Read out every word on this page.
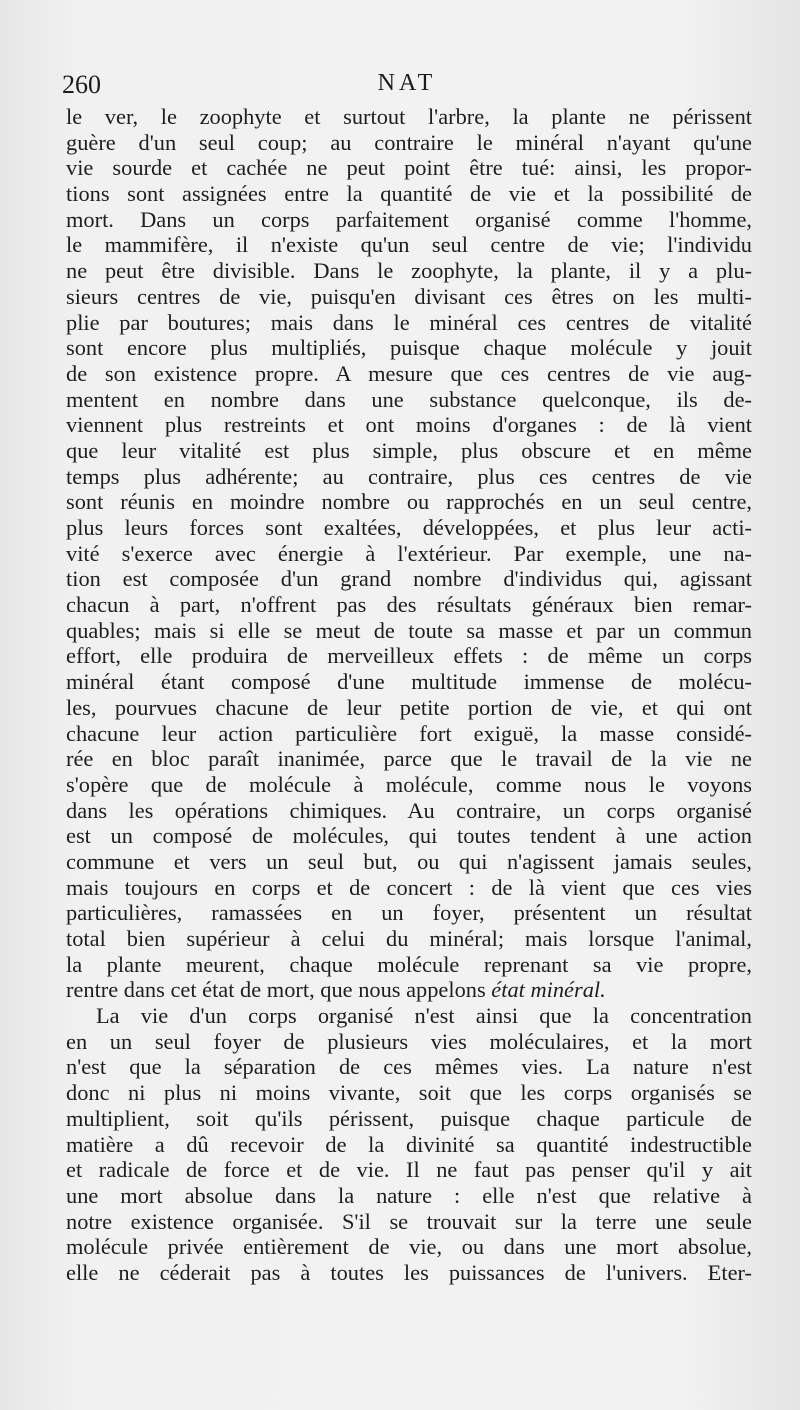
260	NAT
le ver, le zoophyte et surtout l'arbre, la plante ne périssent
guère d'un seul coup; au contraire le minéral n'ayant qu'une
vie sourde et cachée ne peut point être tué: ainsi, les propor-
tions sont assignées entre la quantité de vie et la possibilité de
mort. Dans un corps parfaitement organisé comme l'homme,
le mammifère, il n'existe qu'un seul centre de vie; l'individu
ne peut être divisible. Dans le zoophyte, la plante, il y a plu-
sieurs centres de vie, puisqu'en divisant ces êtres on les multi-
plie par boutures; mais dans le minéral ces centres de vitalité
sont encore plus multipliés, puisque chaque molécule y jouit
de son existence propre. A mesure que ces centres de vie aug-
mentent en nombre dans une substance quelconque, ils de-
viennent plus restreints et ont moins d'organes : de là vient
que leur vitalité est plus simple, plus obscure et en même
temps plus adhérente; au contraire, plus ces centres de vie
sont réunis en moindre nombre ou rapprochés en un seul centre,
plus leurs forces sont exaltées, développées, et plus leur acti-
vité s'exerce avec énergie à l'extérieur. Par exemple, une na-
tion est composée d'un grand nombre d'individus qui, agissant
chacun à part, n'offrent pas des résultats généraux bien remar-
quables; mais si elle se meut de toute sa masse et par un commun
effort, elle produira de merveilleux effets : de même un corps
minéral étant composé d'une multitude immense de molécu-
les, pourvues chacune de leur petite portion de vie, et qui ont
chacune leur action particulière fort exiguë, la masse considé-
rée en bloc paraît inanimée, parce que le travail de la vie ne
s'opère que de molécule à molécule, comme nous le voyons
dans les opérations chimiques. Au contraire, un corps organisé
est un composé de molécules, qui toutes tendent à une action
commune et vers un seul but, ou qui n'agissent jamais seules,
mais toujours en corps et de concert : de là vient que ces vies
particulières, ramassées en un foyer, présentent un résultat
total bien supérieur à celui du minéral; mais lorsque l'animal,
la plante meurent, chaque molécule reprenant sa vie propre,
rentre dans cet état de mort, que nous appelons état minéral.
La vie d'un corps organisé n'est ainsi que la concentration
en un seul foyer de plusieurs vies moléculaires, et la mort
n'est que la séparation de ces mêmes vies. La nature n'est
donc ni plus ni moins vivante, soit que les corps organisés se
multiplient, soit qu'ils périssent, puisque chaque particule de
matière a dû recevoir de la divinité sa quantité indestructible
et radicale de force et de vie. Il ne faut pas penser qu'il y ait
une mort absolue dans la nature : elle n'est que relative à
notre existence organisée. S'il se trouvait sur la terre une seule
molécule privée entièrement de vie, ou dans une mort absolue,
elle ne céderait pas à toutes les puissances de l'univers. Eter-
